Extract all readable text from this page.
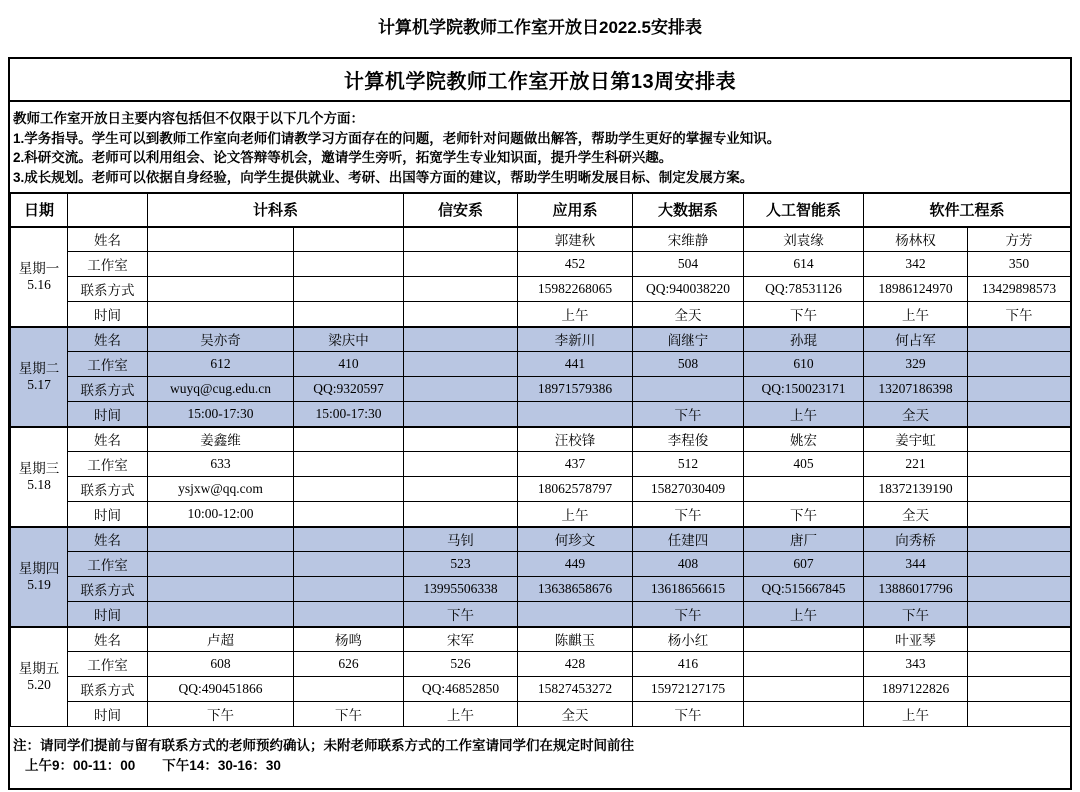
计算机学院教师工作室开放日2022.5安排表
计算机学院教师工作室开放日第13周安排表
教师工作室开放日主要内容包括但不仅限于以下几个方面：
1.学务指导。学生可以到教师工作室向老师们请教学习方面存在的问题，老师针对问题做出解答，帮助学生更好的掌握专业知识。
2.科研交流。老师可以利用组会、论文答辩等机会，邀请学生旁听，拓宽学生专业知识面，提升学生科研兴趣。
3.成长规划。老师可以依据自身经验，向学生提供就业、考研、出国等方面的建议，帮助学生明晰发展目标、制定发展方案。
日期		计科系		信安系	应用系	大数据系	人工智能系	软件工程系	

星期一
5.16	姓名				郭建秋	宋维静	刘袁缘	杨林权	方芳
	工作室				452	504	614	342	350
	联系方式				15982268065	QQ:940038220	QQ:78531126	18986124970	13429898573
	时间				上午	全天	下午	上午	下午

星期二
5.17	姓名	吴亦奇	梁庆中		李新川	阎继宁	孙琨	何占军	
	工作室	612	410		441	508	610	329	
	联系方式	wuyq@cug.edu.cn	QQ:9320597		18971579386		QQ:150023171	13207186398	
	时间	15:00-17:30	15:00-17:30			下午	上午	全天	

星期三
5.18	姓名	姜鑫维			汪校锋	李程俊	姚宏	姜宇虹	
	工作室	633			437	512	405	221	
	联系方式	ysjxw@qq.com			18062578797	15827030409		18372139190	
	时间	10:00-12:00			上午	下午	下午	全天	

星期四
5.19	姓名			马钊	何珍文	任建四	唐厂	向秀桥	
	工作室			523	449	408	607	344	
	联系方式			13995506338	13638658676	13618656615	QQ:515667845	13886017796	
	时间			下午		下午	上午	下午	

星期五
5.20	姓名	卢超	杨鸣	宋军	陈麒玉	杨小红		叶亚琴	
	工作室	608	626	526	428	416		343	
	联系方式	QQ:490451866		QQ:46852850	15827453272	15972127175		1897122826	
	时间	下午	下午	上午	全天	下午		上午	
注：请同学们提前与留有联系方式的老师预约确认；未附老师联系方式的工作室请同学们在规定时间前往
上午9：00-11：00　　下午14：30-16：30
